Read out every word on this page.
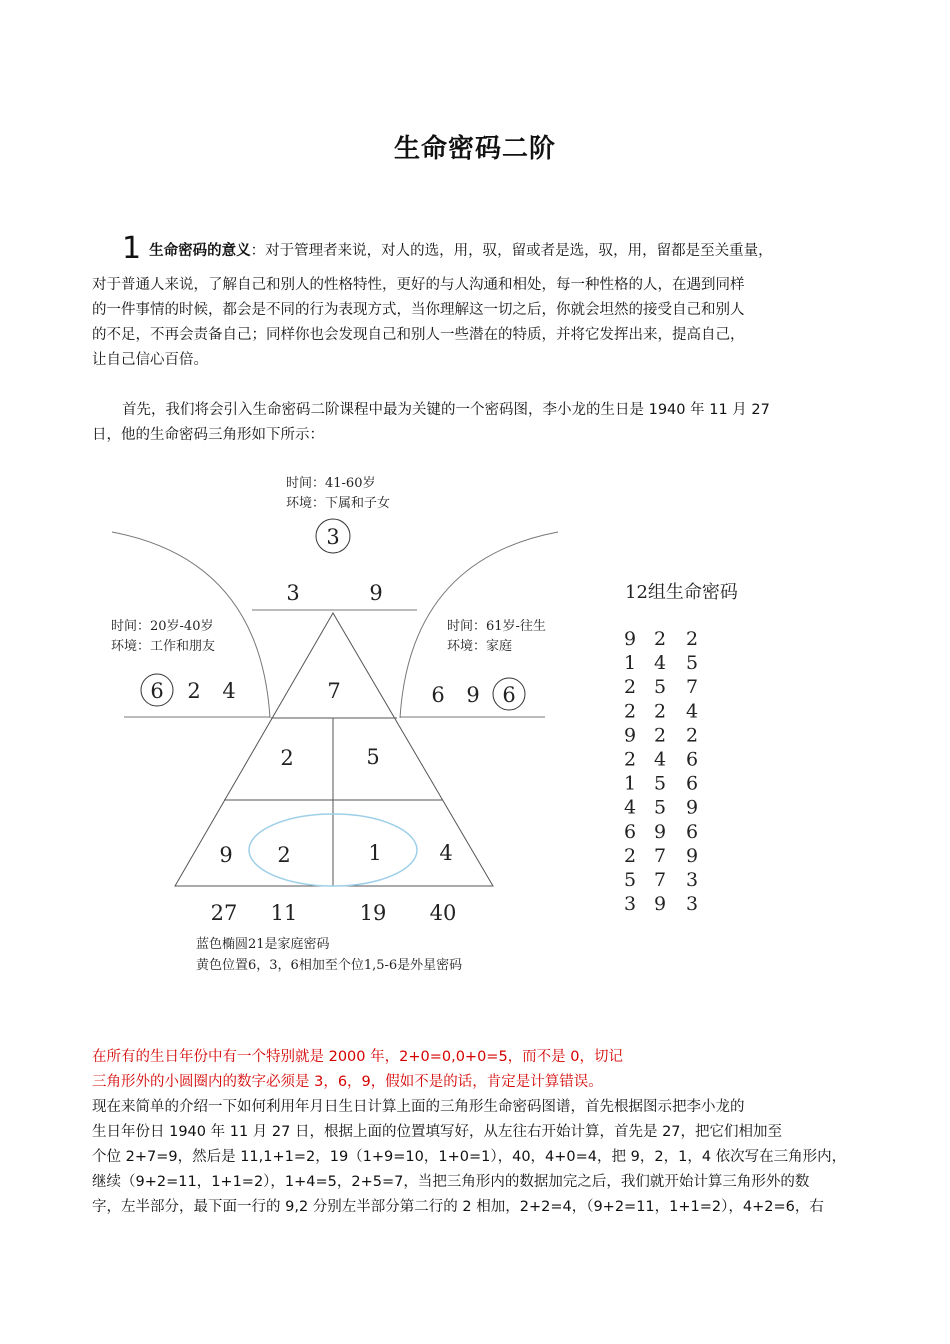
生命密码二阶

1 生命密码的意义：对于管理者来说，对人的选，用，驭，留或者是选，驭，用，留都是至关重量，

对于普通人来说，了解自己和别人的性格特性，更好的与人沟通和相处，每一种性格的人，在遇到同样

的一件事情的时候，都会是不同的行为表现方式，当你理解这一切之后，你就会坦然的接受自己和别人

的不足，不再会责备自己；同样你也会发现自己和别人一些潜在的特质，并将它发挥出来，提高自己，

让自己信心百倍。

首先，我们将会引入生命密码二阶课程中最为关键的一个密码图，李小龙的生日是 1940 年 11 月 27

日，他的生命密码三角形如下所示：

时间：41-60岁
环境：下属和子女
3
3	9
时间：20岁-40岁
环境：工作和朋友
6 2 4
时间：61岁-往生
环境：家庭
6 9 6
7
2	5
9 2	1	4
27 11	19 40
蓝色椭圆21是家庭密码
黄色位置6，3，6相加至个位1,5-6是外星密码
12组生命密码
9 2 2
1 4 5
2 5 7
2 2 4
9 2 2
2 4 6
1 5 6
4 5 9
6 9 6
2 7 9
5 7 3
3 9 3

在所有的生日年份中有一个特别就是 2000 年，2+0=0,0+0=5，而不是 0，切记

三角形外的小圆圈内的数字必须是 3，6，9，假如不是的话，肯定是计算错误。

现在来简单的介绍一下如何利用年月日生日计算上面的三角形生命密码图谱，首先根据图示把李小龙的

生日年份日 1940 年 11 月 27 日，根据上面的位置填写好，从左往右开始计算，首先是 27，把它们相加至

个位 2+7=9，然后是 11,1+1=2，19（1+9=10，1+0=1），40，4+0=4，把 9，2，1，4 依次写在三角形内，

继续（9+2=11，1+1=2），1+4=5，2+5=7，当把三角形内的数据加完之后，我们就开始计算三角形外的数

字，左半部分，最下面一行的 9,2 分别左半部分第二行的 2 相加，2+2=4，（9+2=11，1+1=2），4+2=6，右
